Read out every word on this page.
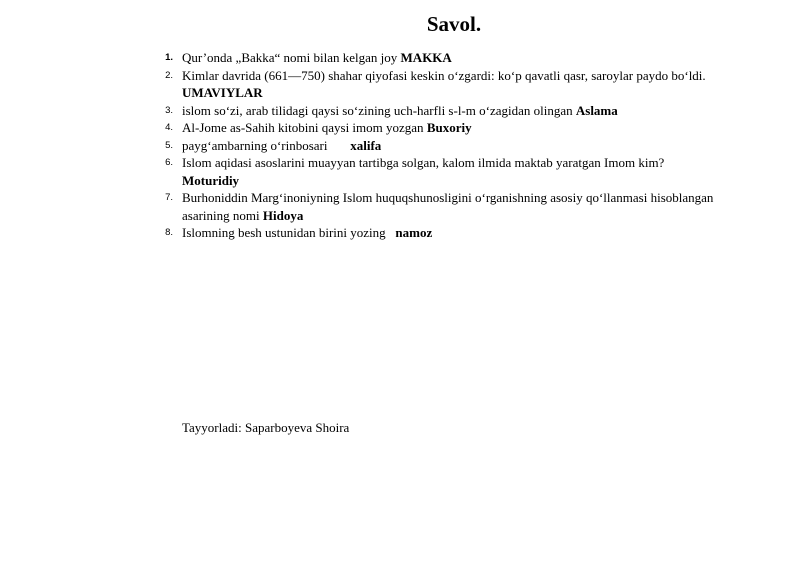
Savol.
1. Qur’onda „Bakka“ nomi bilan kelgan joy MAKKA
2. Kimlar davrida (661—750) shahar qiyofasi keskin oʻzgardi: koʻp qavatli qasr, saroylar paydo boʻldi. UMAVIYLAR
3. islom soʻzi, arab tilidagi qaysi soʻzining uch-harfli s-l-m oʻzagidan olingan Aslama
4. Al-Jome as-Sahih kitobini qaysi imom yozgan Buxoriy
5. paygʻambarning oʻrinbosari       xalifa
6. Islom aqidasi asoslarini muayyan tartibga solgan, kalom ilmida maktab yaratgan Imom kim? Moturidiy
7. Burhoniddin Margʻinoniyning Islom huquqshunosligini oʻrganishning asosiy qoʻllanmasi hisoblangan asarining nomi Hidoya
8. Islomning besh ustunidan birini yozing   namoz
Tayyorladi: Saparboyeva Shoira
